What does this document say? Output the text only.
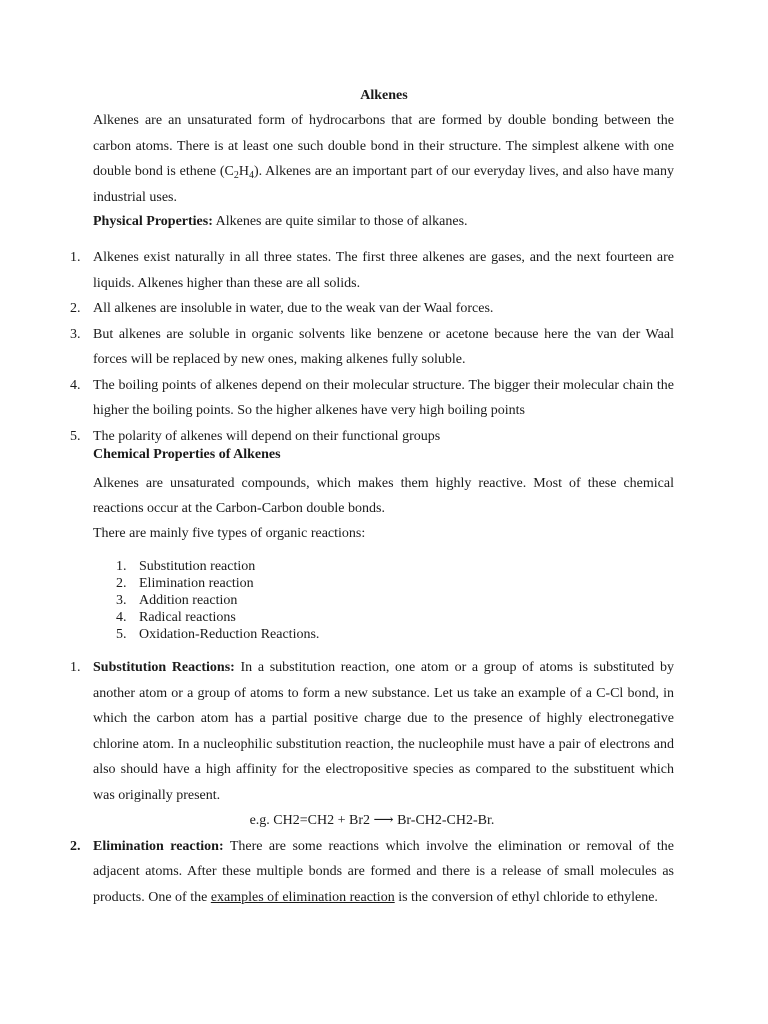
Alkenes

Alkenes are an unsaturated form of hydrocarbons that are formed by double bonding between the carbon atoms. There is at least one such double bond in their structure. The simplest alkene with one double bond is ethene $(C_2H_4)$. Alkenes are an important part of our everyday lives, and also have many industrial uses.

Physical Properties: Alkenes are quite similar to those of alkanes.

1. Alkenes exist naturally in all three states. The first three alkenes are gases, and the next fourteen are liquids. Alkenes higher than these are all solids.
2. All alkenes are insoluble in water, due to the weak van der Waal forces.
3. But alkenes are soluble in organic solvents like benzene or acetone because here the van der Waal forces will be replaced by new ones, making alkenes fully soluble.
4. The boiling points of alkenes depend on their molecular structure. The bigger their molecular chain the higher the boiling points. So the higher alkenes have very high boiling points
5. The polarity of alkenes will depend on their functional groups
Chemical Properties of Alkenes

Alkenes are unsaturated compounds, which makes them highly reactive. Most of these chemical reactions occur at the Carbon-Carbon double bonds.

There are mainly five types of organic reactions:

1. Substitution reaction
2. Elimination reaction
3. Addition reaction
4. Radical reactions
5. Oxidation-Reduction Reactions.
1. Substitution Reactions: In a substitution reaction, one atom or a group of atoms is substituted by another atom or a group of atoms to form a new substance. Let us take an example of a C-Cl bond, in which the carbon atom has a partial positive charge due to the presence of highly electronegative chlorine atom. In a nucleophilic substitution reaction, the nucleophile must have a pair of electrons and also should have a high affinity for the electropositive species as compared to the substituent which was originally present.
e.g. CH2=CH2 + Br2 ⟶ Br-CH2-CH2-Br.
2. Elimination reaction: There are some reactions which involve the elimination or removal of the adjacent atoms. After these multiple bonds are formed and there is a release of small molecules as products. One of the examples of elimination reaction is the conversion of ethyl chloride to ethylene.
